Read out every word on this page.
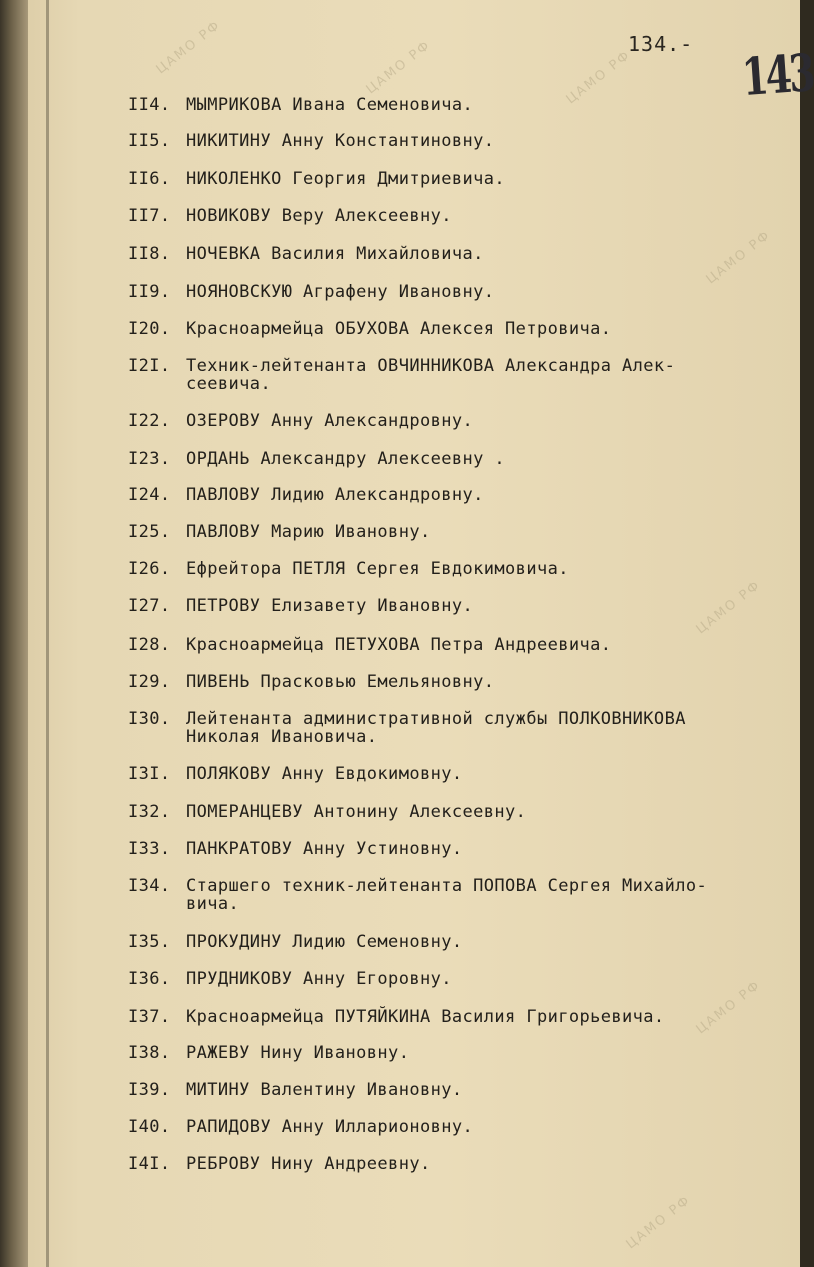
ЦАМО РФ	ЦАМО РФ	ЦАМО РФ
ЦАМО РФ
ЦАМО РФ
ЦАМО РФ
ЦАМО РФ
134.- 143
II4. МЫМРИКОВА Ивана Семеновича.
II5. НИКИТИНУ Анну Константиновну.
II6. НИКОЛЕНКО Георгия Дмитриевича.
II7. НОВИКОВУ Веру Алексеевну.
II8. НОЧЕВКА Василия Михайловича.
II9. НОЯНОВСКУЮ Аграфену Ивановну.
I20. Красноармейца ОБУХОВА Алексея Петровича.
I2I. Техник-лейтенанта ОВЧИННИКОВА Александра Алек-
сеевича.
I22. ОЗЕРОВУ Анну Александровну.
I23. ОРДАНЬ Александру Алексеевну .
I24. ПАВЛОВУ Лидию Александровну.
I25. ПАВЛОВУ Марию Ивановну.
I26. Ефрейтора ПЕТЛЯ Сергея Евдокимовича.
I27. ПЕТРОВУ Елизавету Ивановну.
I28. Красноармейца ПЕТУХОВА Петра Андреевича.
I29. ПИВЕНЬ Прасковью Емельяновну.
I30. Лейтенанта административной службы ПОЛКОВНИКОВА
Николая Ивановича.
I3I. ПОЛЯКОВУ Анну Евдокимовну.
I32. ПОМЕРАНЦЕВУ Антонину Алексеевну.
I33. ПАНКРАТОВУ Анну Устиновну.
I34. Старшего техник-лейтенанта ПОПОВА Сергея Михайло-
вича.
I35. ПРОКУДИНУ Лидию Семеновну.
I36. ПРУДНИКОВУ Анну Егоровну.
I37. Красноармейца ПУТЯЙКИНА Василия Григорьевича.
I38. РАЖЕВУ Нину Ивановну.
I39. МИТИНУ Валентину Ивановну.
I40. РАПИДОВУ Анну Илларионовну.
I4I. РЕБРОВУ Нину Андреевну.
